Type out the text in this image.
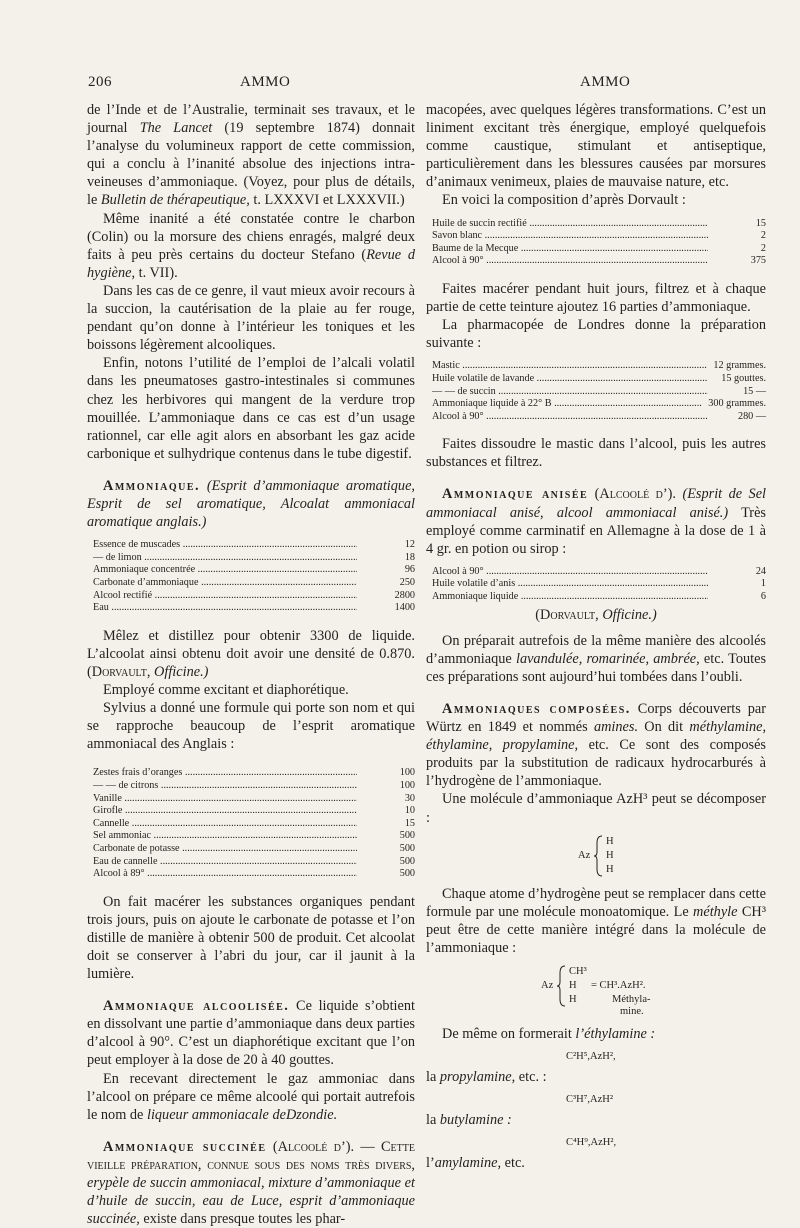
206	AMMO	AMMO

de l’Inde et de l’Australie, terminait ses travaux, et le journal The Lancet (19 septembre 1874) donnait l’analyse du volumineux rapport de cette commission, qui a conclu à l’inanité absolue des injections intra-veineuses d’ammoniaque. (Voyez, pour plus de détails, le Bulletin de thérapeutique, t. LXXXVI et LXXXVII.)

Même inanité a été constatée contre le charbon (Colin) ou la morsure des chiens enragés, malgré deux faits à peu près certains du docteur Stefano (Revue d hygiène, t. VII).

Dans les cas de ce genre, il vaut mieux avoir recours à la succion, la cautérisation de la plaie au fer rouge, pendant qu’on donne à l’intérieur les toniques et les boissons légèrement alcooliques.

Enfin, notons l’utilité de l’emploi de l’alcali volatil dans les pneumatoses gastro-intestinales si communes chez les herbivores qui mangent de la verdure trop mouillée. L’ammoniaque dans ce cas est d’un usage rationnel, car elle agit alors en absorbant les gaz acide carbonique et sulhydrique contenus dans le tube digestif.

Ammoniaque. (Esprit d’ammoniaque aromatique, Esprit de sel aromatique, Alcoalat ammoniacal aromatique anglais.)

Essence de muscades .....	12
— de limon .....	18
Ammoniaque concentrée .....	96
Carbonate d’ammoniaque .....	250
Alcool rectifié .....	2800
Eau .....	1400

Mêlez et distillez pour obtenir 3300 de liquide. L’alcoolat ainsi obtenu doit avoir une densité de 0.870. (Dorvault, Officine.)

Employé comme excitant et diaphorétique.

Sylvius a donné une formule qui porte son nom et qui se rapproche beaucoup de l’esprit aromatique ammoniacal des Anglais :

Zestes frais d’oranges .....	100
— — de citrons .....	100
Vanille .....	30
Girofle .....	10
Cannelle .....	15
Sel ammoniac .....	500
Carbonate de potasse .....	500
Eau de cannelle .....	500
Alcool à 89° .....	500

On fait macérer les substances organiques pendant trois jours, puis on ajoute le carbonate de potasse et l’on distille de manière à obtenir 500 de produit. Cet alcoolat doit se conserver à l’abri du jour, car il jaunit à la lumière.

Ammoniaque alcoolisée. Ce liquide s’obtient en dissolvant une partie d’ammoniaque dans deux parties d’alcool à 90°. C’est un diaphorétique excitant que l’on peut employer à la dose de 20 à 40 gouttes.

En recevant directement le gaz ammoniac dans l’alcool on prépare ce même alcoolé qui portait autrefois le nom de liqueur ammoniacale deDzondie.

Ammoniaque succinée (Alcoolé d’). — Cette vieille préparation, connue sous des noms très divers, erypèle de succin ammoniacal, mixture d’ammoniaque et d’huile de succin, eau de Luce, esprit d’ammoniaque succinée, existe dans presque toutes les phar-

macopées, avec quelques légères transformations. C’est un liniment excitant très énergique, employé quelquefois comme caustique, stimulant et antiseptique, particulièrement dans les blessures causées par morsures d’animaux venimeux, plaies de mauvaise nature, etc.

En voici la composition d’après Dorvault :

Huile de succin rectifié .....	15
Savon blanc .....	2
Baume de la Mecque .....	2
Alcool à 90° .....	375

Faites macérer pendant huit jours, filtrez et à chaque partie de cette teinture ajoutez 16 parties d’ammoniaque.

La pharmacopée de Londres donne la préparation suivante :

Mastic .....	12 grammes.
Huile volatile de lavande .....	15 gouttes.
— — de succin .....	15 —
Ammoniaque liquide à 22° B .....	300 grammes.
Alcool à 90° .....	280 —

Faites dissoudre le mastic dans l’alcool, puis les autres substances et filtrez.

Ammoniaque anisée (Alcoolé d’). (Esprit de Sel ammoniacal anisé, alcool ammoniacal anisé.) Très employé comme carminatif en Allemagne à la dose de 1 à 4 gr. en potion ou sirop :

Alcool à 90° .....	24
Huile volatile d’anis .....	1
Ammoniaque liquide .....	6

(Dorvault, Officine.)

On préparait autrefois de la même manière des alcoolés d’ammoniaque lavandulée, romarinée, ambrée, etc. Toutes ces préparations sont aujourd’hui tombées dans l’oubli.

Ammoniaques composées. Corps découverts par Würtz en 1849 et nommés amines. On dit méthylamine, éthylamine, propylamine, etc. Ce sont des composés produits par la substitution de radicaux hydrocarburés à l’hydrogène de l’ammoniaque.

Une molécule d’ammoniaque AzH³ peut se décomposer :

Az
H
H
H

Chaque atome d’hydrogène peut se remplacer dans cette formule par une molécule monoatomique. Le méthyle CH³ peut être de cette manière intégré dans la molécule de l’ammoniaque :

Az
CH³
H
H
= CH³.AzH².
Méthyla-
mine.

De même on formerait l’éthylamine :

C²H⁵,AzH²,

la propylamine, etc. :

C³H⁷,AzH²

la butylamine :

C⁴H⁹,AzH²,

l’amylamine, etc.
